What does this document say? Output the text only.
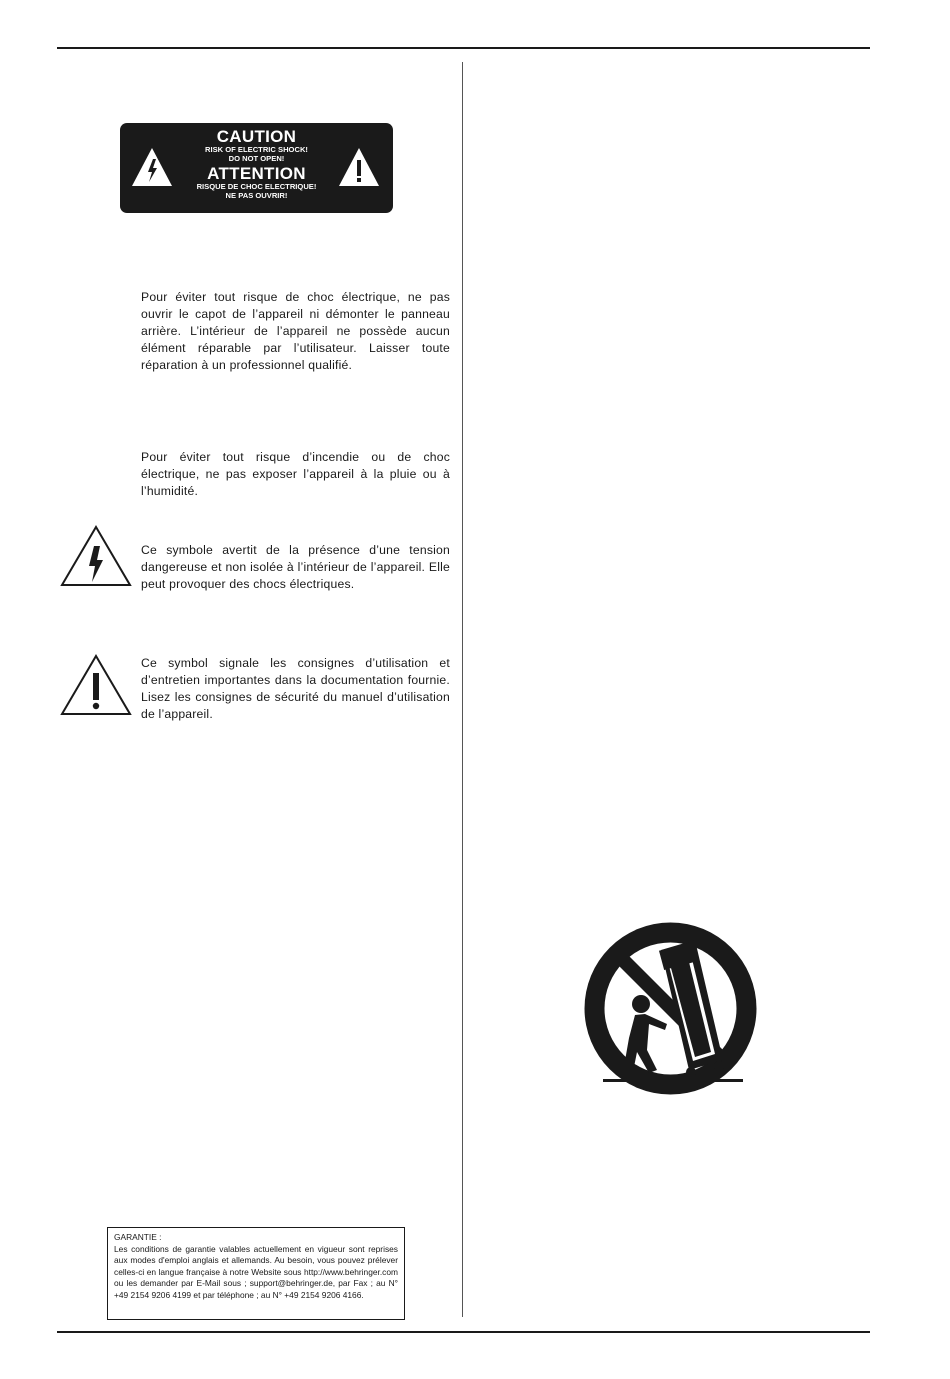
CAUTION
RISK OF ELECTRIC SHOCK!
DO NOT OPEN!
ATTENTION
RISQUE DE CHOC ELECTRIQUE!
NE PAS OUVRIR!

Pour éviter tout risque de choc électrique, ne pas ouvrir le capot de l’appareil ni démonter le panneau arrière. L’intérieur de l’appareil ne possède aucun élément réparable par l’utilisateur. Laisser toute réparation à un professionnel qualifié.

Pour éviter tout risque d’incendie ou de choc électrique, ne pas exposer l’appareil à la pluie ou à l’humidité.

Ce symbole avertit de la présence d’une tension dangereuse et non isolée à l’intérieur de l’appareil. Elle peut provoquer des chocs électriques.

Ce symbol signale les consignes d’utilisation et d’entretien importantes dans la documentation fournie. Lisez les consignes de sécurité du manuel d’utilisation de l’appareil.

GARANTIE :
Les conditions de garantie valables actuellement en vigueur sont reprises aux modes d'emploi anglais et allemands. Au besoin, vous pouvez prélever celles-ci en langue française à notre Website sous http://www.behringer.com ou les demander par E-Mail sous ; support@behringer.de, par Fax ; au N° +49 2154 9206 4199 et par téléphone ; au N° +49 2154 9206 4166.
